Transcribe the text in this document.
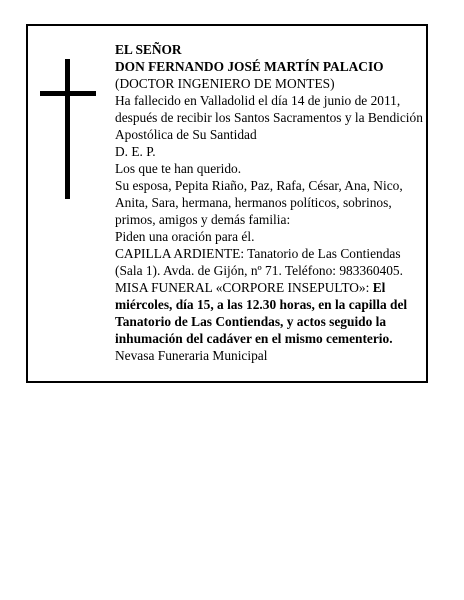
EL SEÑOR

DON FERNANDO JOSÉ MARTÍN PALACIO

(DOCTOR INGENIERO DE MONTES)

Ha fallecido en Valladolid el día 14 de junio de 2011, después de recibir los Santos Sacramentos y la Bendición Apostólica de Su Santidad

D. E. P.

Los que te han querido.

Su esposa, Pepita Riaño, Paz, Rafa, César, Ana, Nico, Anita, Sara, hermana, hermanos políticos, sobrinos, primos, amigos y demás familia:

Piden una oración para él.

CAPILLA ARDIENTE: Tanatorio de Las Contiendas (Sala 1). Avda. de Gijón, nº 71. Teléfono: 983360405.

MISA FUNERAL «CORPORE INSEPULTO»: El miércoles, día 15, a las 12.30 horas, en la capilla del Tanatorio de Las Contiendas, y actos seguido la inhumación del cadáver en el mismo cementerio.

Nevasa Funeraria Municipal
